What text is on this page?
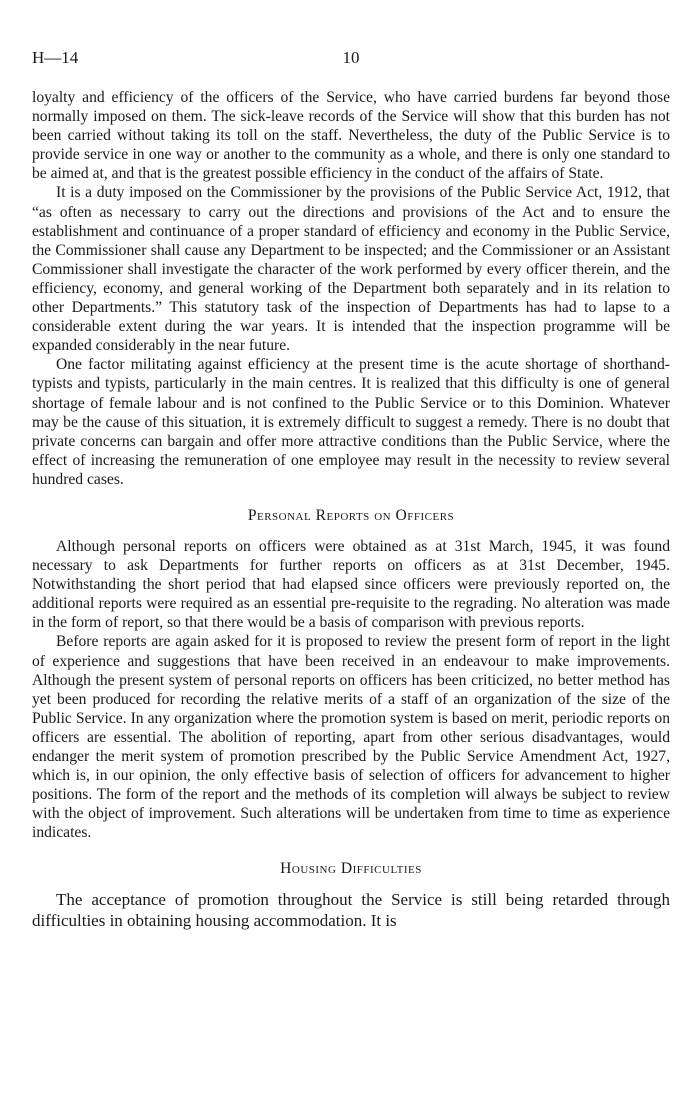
H—14	10

loyalty and efficiency of the officers of the Service, who have carried burdens far beyond those normally imposed on them. The sick-leave records of the Service will show that this burden has not been carried without taking its toll on the staff. Nevertheless, the duty of the Public Service is to provide service in one way or another to the community as a whole, and there is only one standard to be aimed at, and that is the greatest possible efficiency in the conduct of the affairs of State.

It is a duty imposed on the Commissioner by the provisions of the Public Service Act, 1912, that “as often as necessary to carry out the directions and provisions of the Act and to ensure the establishment and continuance of a proper standard of efficiency and economy in the Public Service, the Commissioner shall cause any Department to be inspected; and the Commissioner or an Assistant Commissioner shall investigate the character of the work performed by every officer therein, and the efficiency, economy, and general working of the Department both separately and in its relation to other Departments.” This statutory task of the inspection of Departments has had to lapse to a considerable extent during the war years. It is intended that the inspection programme will be expanded considerably in the near future.

One factor militating against efficiency at the present time is the acute shortage of shorthand-typists and typists, particularly in the main centres. It is realized that this difficulty is one of general shortage of female labour and is not confined to the Public Service or to this Dominion. Whatever may be the cause of this situation, it is extremely difficult to suggest a remedy. There is no doubt that private concerns can bargain and offer more attractive conditions than the Public Service, where the effect of increasing the remuneration of one employee may result in the necessity to review several hundred cases.

Personal Reports on Officers

Although personal reports on officers were obtained as at 31st March, 1945, it was found necessary to ask Departments for further reports on officers as at 31st December, 1945. Notwithstanding the short period that had elapsed since officers were previously reported on, the additional reports were required as an essential pre-requisite to the regrading. No alteration was made in the form of report, so that there would be a basis of comparison with previous reports.

Before reports are again asked for it is proposed to review the present form of report in the light of experience and suggestions that have been received in an endeavour to make improvements. Although the present system of personal reports on officers has been criticized, no better method has yet been produced for recording the relative merits of a staff of an organization of the size of the Public Service. In any organization where the promotion system is based on merit, periodic reports on officers are essential. The abolition of reporting, apart from other serious disadvantages, would endanger the merit system of promotion prescribed by the Public Service Amendment Act, 1927, which is, in our opinion, the only effective basis of selection of officers for advancement to higher positions. The form of the report and the methods of its completion will always be subject to review with the object of improvement. Such alterations will be undertaken from time to time as experience indicates.

Housing Difficulties

The acceptance of promotion throughout the Service is still being retarded through difficulties in obtaining housing accommodation. It is
